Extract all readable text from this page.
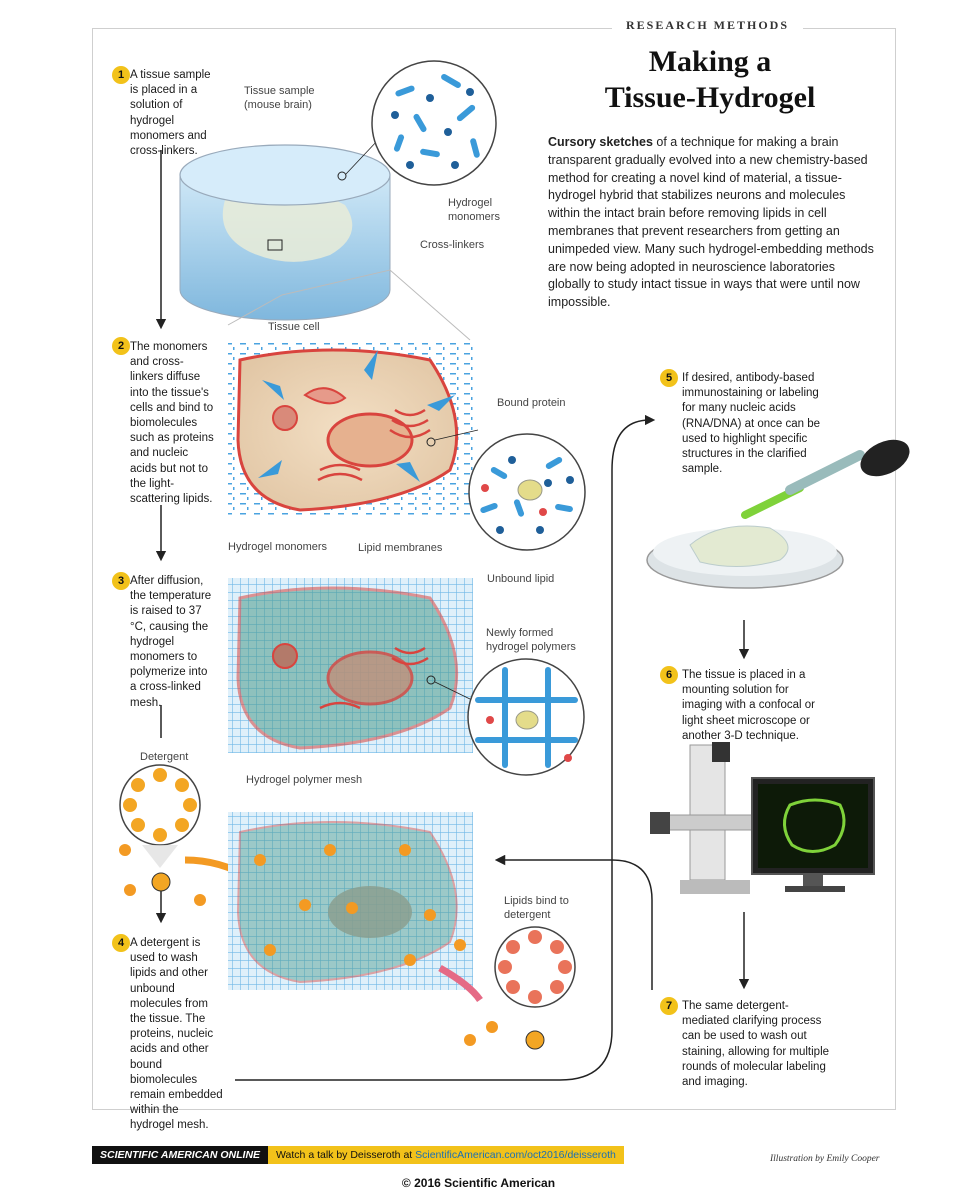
RESEARCH METHODS
Making a
Tissue-Hydrogel
Cursory sketches of a technique for making a brain transparent gradually evolved into a new chemistry-based method for creating a novel kind of material, a tissue-hydrogel hybrid that stabilizes neurons and molecules within the intact brain before removing lipids in cell membranes that prevent researchers from getting an unimpeded view. Many such hydrogel-embedding methods are now being adopted in neuroscience laboratories globally to study intact tissue in ways that were until now impossible.
1 A tissue sample is placed in a solution of hydrogel monomers and cross-linkers.
2 The monomers and cross-linkers diffuse into the tissue's cells and bind to biomolecules such as proteins and nucleic acids but not to the light-scattering lipids.
3 After diffusion, the temperature is raised to 37 °C, causing the hydrogel monomers to polymerize into a cross-linked mesh.
4 A detergent is used to wash lipids and other unbound molecules from the tissue. The proteins, nucleic acids and other bound biomolecules remain embedded within the hydrogel mesh.
5 If desired, antibody-based immunostaining or labeling for many nucleic acids (RNA/DNA) at once can be used to highlight specific structures in the clarified sample.
6 The tissue is placed in a mounting solution for imaging with a confocal or light sheet microscope or another 3-D technique.
7 The same detergent-mediated clarifying process can be used to wash out staining, allowing for multiple rounds of molecular labeling and imaging.
Tissue sample (mouse brain)
Hydrogel monomers
Cross-linkers
Tissue cell
Bound protein
Hydrogel monomers	Lipid membranes
Unbound lipid
Newly formed hydrogel polymers
Hydrogel polymer mesh
Detergent
Lipids bind to detergent
SCIENTIFIC AMERICAN ONLINE	Watch a talk by Deisseroth at ScientificAmerican.com/oct2016/deisseroth	Illustration by Emily Cooper
© 2016 Scientific American
